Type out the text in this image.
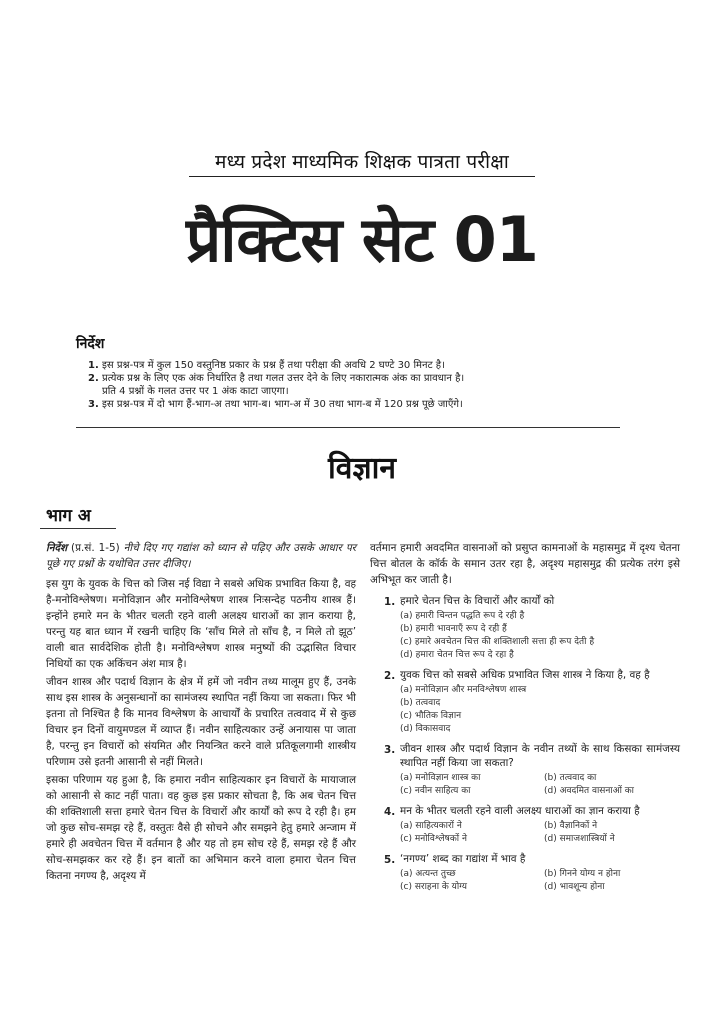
मध्य प्रदेश माध्यमिक शिक्षक पात्रता परीक्षा
प्रैक्टिस सेट 01
निर्देश
1. इस प्रश्न-पत्र में कुल 150 वस्तुनिष्ठ प्रकार के प्रश्न हैं तथा परीक्षा की अवधि 2 घण्टे 30 मिनट है।
2. प्रत्येक प्रश्न के लिए एक अंक निर्धारित है तथा गलत उत्तर देने के लिए नकारात्मक अंक का प्रावधान है।
प्रति 4 प्रश्नों के गलत उत्तर पर 1 अंक काटा जाएगा।
3. इस प्रश्न-पत्र में दो भाग हैं-भाग-अ तथा भाग-ब। भाग-अ में 30 तथा भाग-ब में 120 प्रश्न पूछे जाएँगे।
विज्ञान
भाग अ

निर्देश (प्र.सं. 1-5) नीचे दिए गए गद्यांश को ध्यान से पढ़िए और उसके आधार पर पूछे गए प्रश्नों के यथोचित उत्तर दीजिए।

इस युग के युवक के चित्त को जिस नई विद्या ने सबसे अधिक प्रभावित किया है, वह है-मनोविश्लेषण। मनोविज्ञान और मनोविश्लेषण शास्त्र निःसन्देह पठनीय शास्त्र हैं। इन्होंने हमारे मन के भीतर चलती रहने वाली अलक्ष्य धाराओं का ज्ञान कराया है, परन्तु यह बात ध्यान में रखनी चाहिए कि ‘साँच मिले तो साँच है, न मिले तो झूठ’ वाली बात सार्वदेशिक होती है। मनोविश्लेषण शास्त्र मनुष्यों की उद्भासित विचार निधियों का एक अकिंचन अंश मात्र है।

जीवन शास्त्र और पदार्थ विज्ञान के क्षेत्र में हमें जो नवीन तथ्य मालूम हुए हैं, उनके साथ इस शास्त्र के अनुसन्धानों का सामंजस्य स्थापित नहीं किया जा सकता। फिर भी इतना तो निश्चित है कि मानव विश्लेषण के आचार्यों के प्रचारित तत्ववाद में से कुछ विचार इन दिनों वायुमण्डल में व्याप्त हैं। नवीन साहित्यकार उन्हें अनायास पा जाता है, परन्तु इन विचारों को संयमित और नियन्त्रित करने वाले प्रतिकूलगामी शास्त्रीय परिणाम उसे इतनी आसानी से नहीं मिलते।

इसका परिणाम यह हुआ है, कि हमारा नवीन साहित्यकार इन विचारों के मायाजाल को आसानी से काट नहीं पाता। वह कुछ इस प्रकार सोचता है, कि अब चेतन चित्त की शक्तिशाली सत्ता हमारे चेतन चित्त के विचारों और कार्यों को रूप दे रही है। हम जो कुछ सोच-समझ रहे हैं, वस्तुतः वैसे ही सोचने और समझने हेतु हमारे अन्जाम में हमारे ही अवचेतन चित्त में वर्तमान है और यह तो हम सोच रहे हैं, समझ रहे हैं और सोच-समझकर कर रहे हैं। इन बातों का अभिमान करने वाला हमारा चेतन चित्त कितना नगण्य है, अदृश्य में

वर्तमान हमारी अवदमित वासनाओं को प्रसुप्त कामनाओं के महासमुद्र में दृश्य चेतना चित्त बोतल के कॉर्क के समान उतर रहा है, अदृश्य महासमुद्र की प्रत्येक तरंग इसे अभिभूत कर जाती है।

1. हमारे चेतन चित्त के विचारों और कार्यों को
(a) हमारी चिन्तन पद्धति रूप दे रही है
(b) हमारी भावनाएँ रूप दे रही हैं
(c) हमारे अवचेतन चित्त की शक्तिशाली सत्ता ही रूप देती है
(d) हमारा चेतन चित्त रूप दे रहा है
2. युवक चित्त को सबसे अधिक प्रभावित जिस शास्त्र ने किया है, वह है
(a) मनोविज्ञान और मनविश्लेषण शास्त्र
(b) तत्ववाद
(c) भौतिक विज्ञान
(d) विकासवाद
3. जीवन शास्त्र और पदार्थ विज्ञान के नवीन तथ्यों के साथ किसका सामंजस्य स्थापित नहीं किया जा सकता?
(a) मनोविज्ञान शास्त्र का	(b) तत्ववाद का
(c) नवीन साहित्य का	(d) अवदमित वासनाओं का
4. मन के भीतर चलती रहने वाली अलक्ष्य धाराओं का ज्ञान कराया है
(a) साहित्यकारों ने	(b) वैज्ञानिकों ने
(c) मनोविश्लेषकों ने	(d) समाजशास्त्रियों ने
5. ‘नगण्य’ शब्द का गद्यांश में भाव है
(a) अत्यन्त तुच्छ	(b) गिनने योग्य न होना
(c) सराहना के योग्य	(d) भावशून्य होना
